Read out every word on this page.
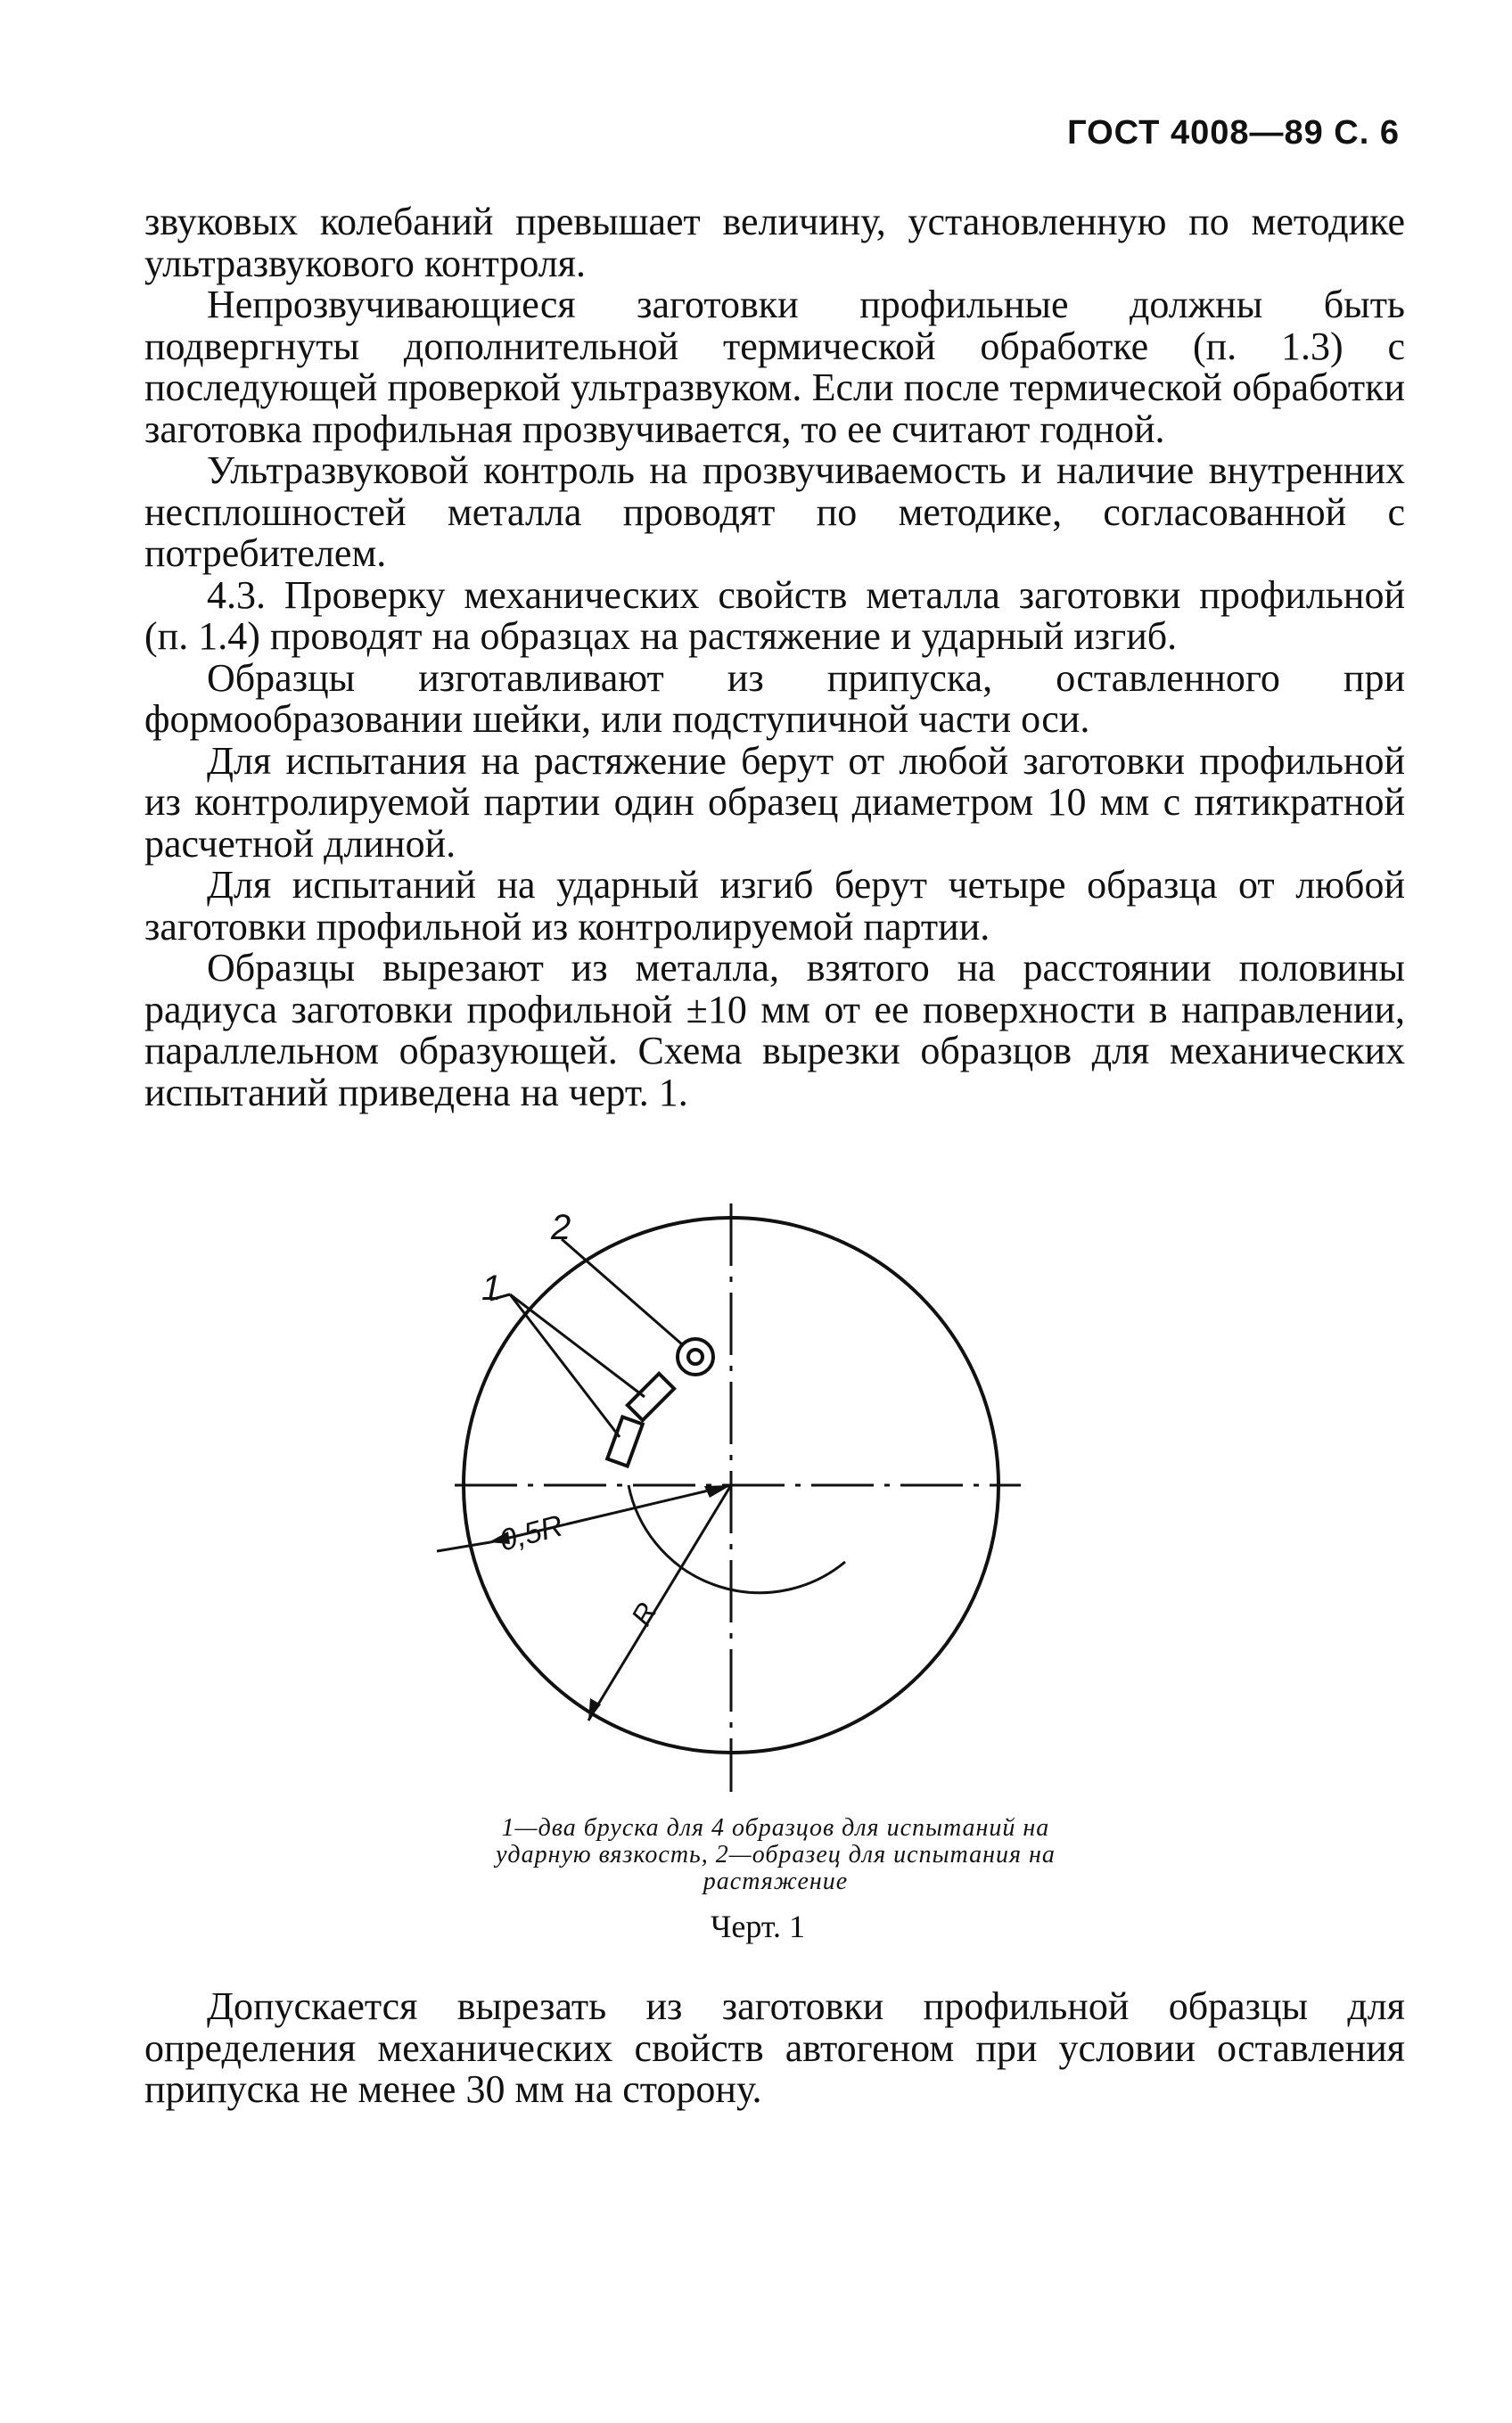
ГОСТ 4008—89 С. 6

звуковых колебаний превышает величину, установленную по методике ультразвукового контроля.

Непрозвучивающиеся заготовки профильные должны быть подвергнуты дополнительной термической обработке (п. 1.3) с последующей проверкой ультразвуком. Если после термической обработки заготовка профильная прозвучивается, то ее считают годной.

Ультразвуковой контроль на прозвучиваемость и наличие внутренних несплошностей металла проводят по методике, согласованной с потребителем.

4.3. Проверку механических свойств металла заготовки профильной (п. 1.4) проводят на образцах на растяжение и ударный изгиб.

Образцы изготавливают из припуска, оставленного при формообразовании шейки, или подступичной части оси.

Для испытания на растяжение берут от любой заготовки профильной из контролируемой партии один образец диаметром 10 мм с пятикратной расчетной длиной.

Для испытаний на ударный изгиб берут четыре образца от любой заготовки профильной из контролируемой партии.

Образцы вырезают из металла, взятого на расстоянии половины радиуса заготовки профильной ±10 мм от ее поверхности в направлении, параллельном образующей. Схема вырезки образцов для механических испытаний приведена на черт. 1.

1
2
0,5R
R
1—два бруска для 4 образцов для испытаний на ударную вязкость, 2—образец для испытания на растяжение
Черт. 1

Допускается вырезать из заготовки профильной образцы для определения механических свойств автогеном при условии оставления припуска не менее 30 мм на сторону.
